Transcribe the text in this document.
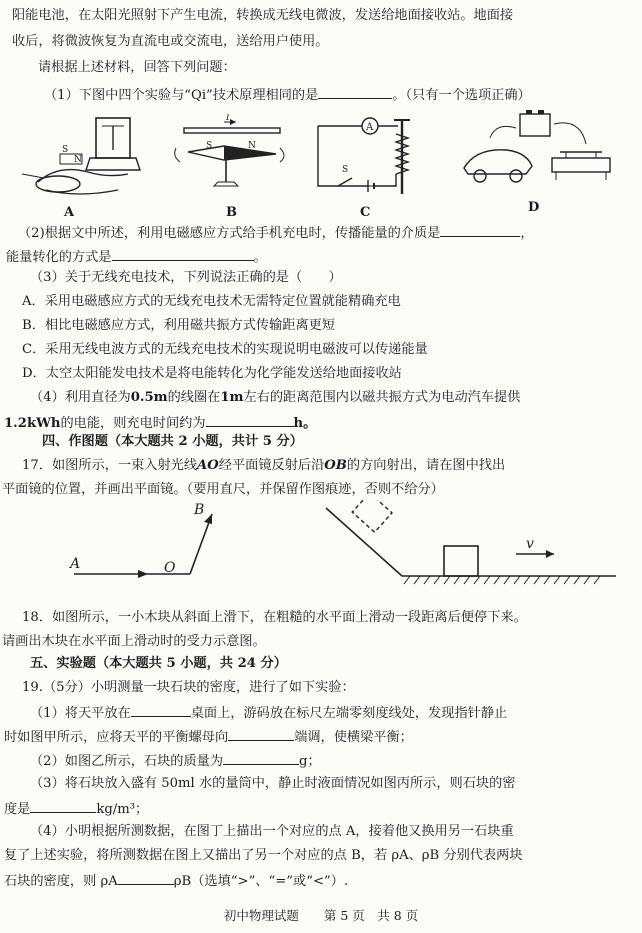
阳能电池，在太阳光照射下产生电流，转换成无线电微波，发送给地面接收站。地面接
收后，将微波恢复为直流电或交流电，送给用户使用。
请根据上述材料，回答下列问题：
（1）下图中四个实验与“Qi”技术原理相同的是	。（只有一个选项正确）
S
N
A
I
S	N
B
A
S
C	D
（2)根据文中所述，利用电磁感应方式给手机充电时，传播能量的介质是	，
能量转化的方式是	。
（3）关于无线充电技术，下列说法正确的是（　　）
A．采用电磁感应方式的无线充电技术无需特定位置就能精确充电
B．相比电磁感应方式，利用磁共振方式传输距离更短
C．采用无线电波方式的无线充电技术的实现说明电磁波可以传递能量
D．太空太阳能发电技术是将电能转化为化学能发送给地面接收站
（4）利用直径为0.5m的线圈在1m左右的距离范围内以磁共振方式为电动汽车提供
1.2kWh的电能，则充电时间约为	h。
四、作图题（本大题共 2 小题，共计 5 分）
17．如图所示，一束入射光线AO经平面镜反射后沿OB的方向射出，请在图中找出
平面镜的位置，并画出平面镜。（要用直尺，并保留作图痕迹，否则不给分）
A	O
B
v
18．如图所示，一小木块从斜面上滑下，在粗糙的水平面上滑动一段距离后便停下来。
请画出木块在水平面上滑动时的受力示意图。
五、实验题（本大题共 5 小题，共 24 分）
19.（5分）小明测量一块石块的密度，进行了如下实验：
（1）将天平放在	桌面上，游码放在标尺左端零刻度线处，发现指针静止
时如图甲所示，应将天平的平衡螺母向	端调，使横梁平衡；
（2）如图乙所示，石块的质量为	g；
（3）将石块放入盛有 50ml 水的量筒中，静止时液面情况如图丙所示，则石块的密
度是	kg/m³；
（4）小明根据所测数据，在图丁上描出一个对应的点 A，接着他又换用另一石块重
复了上述实验，将所测数据在图上又描出了另一个对应的点 B，若 ρA、ρB 分别代表两块
石块的密度，则 ρA	ρB（选填“>”、“=”或“<”）.
初中物理试题　　 第 5 页　 共 8 页
